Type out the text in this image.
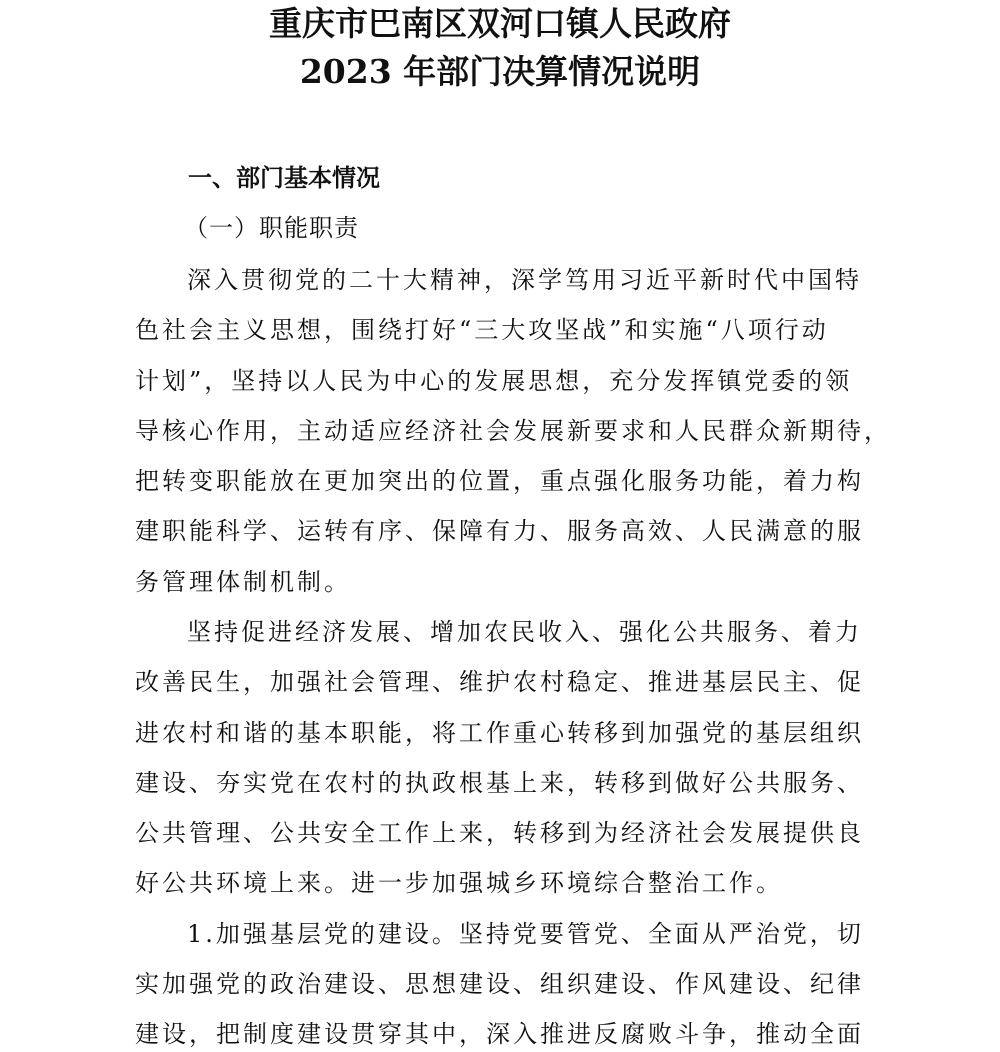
重庆市巴南区双河口镇人民政府
2023 年部门决算情况说明
一、部门基本情况
（一）职能职责
深入贯彻党的二十大精神，深学笃用习近平新时代中国特
色社会主义思想，围绕打好“三大攻坚战”和实施“八项行动
计划”，坚持以人民为中心的发展思想，充分发挥镇党委的领
导核心作用，主动适应经济社会发展新要求和人民群众新期待，
把转变职能放在更加突出的位置，重点强化服务功能，着力构
建职能科学、运转有序、保障有力、服务高效、人民满意的服
务管理体制机制。
坚持促进经济发展、增加农民收入、强化公共服务、着力
改善民生，加强社会管理、维护农村稳定、推进基层民主、促
进农村和谐的基本职能，将工作重心转移到加强党的基层组织
建设、夯实党在农村的执政根基上来，转移到做好公共服务、
公共管理、公共安全工作上来，转移到为经济社会发展提供良
好公共环境上来。进一步加强城乡环境综合整治工作。
1.加强基层党的建设。坚持党要管党、全面从严治党，切
实加强党的政治建设、思想建设、组织建设、作风建设、纪律
建设，把制度建设贯穿其中，深入推进反腐败斗争，推动全面
